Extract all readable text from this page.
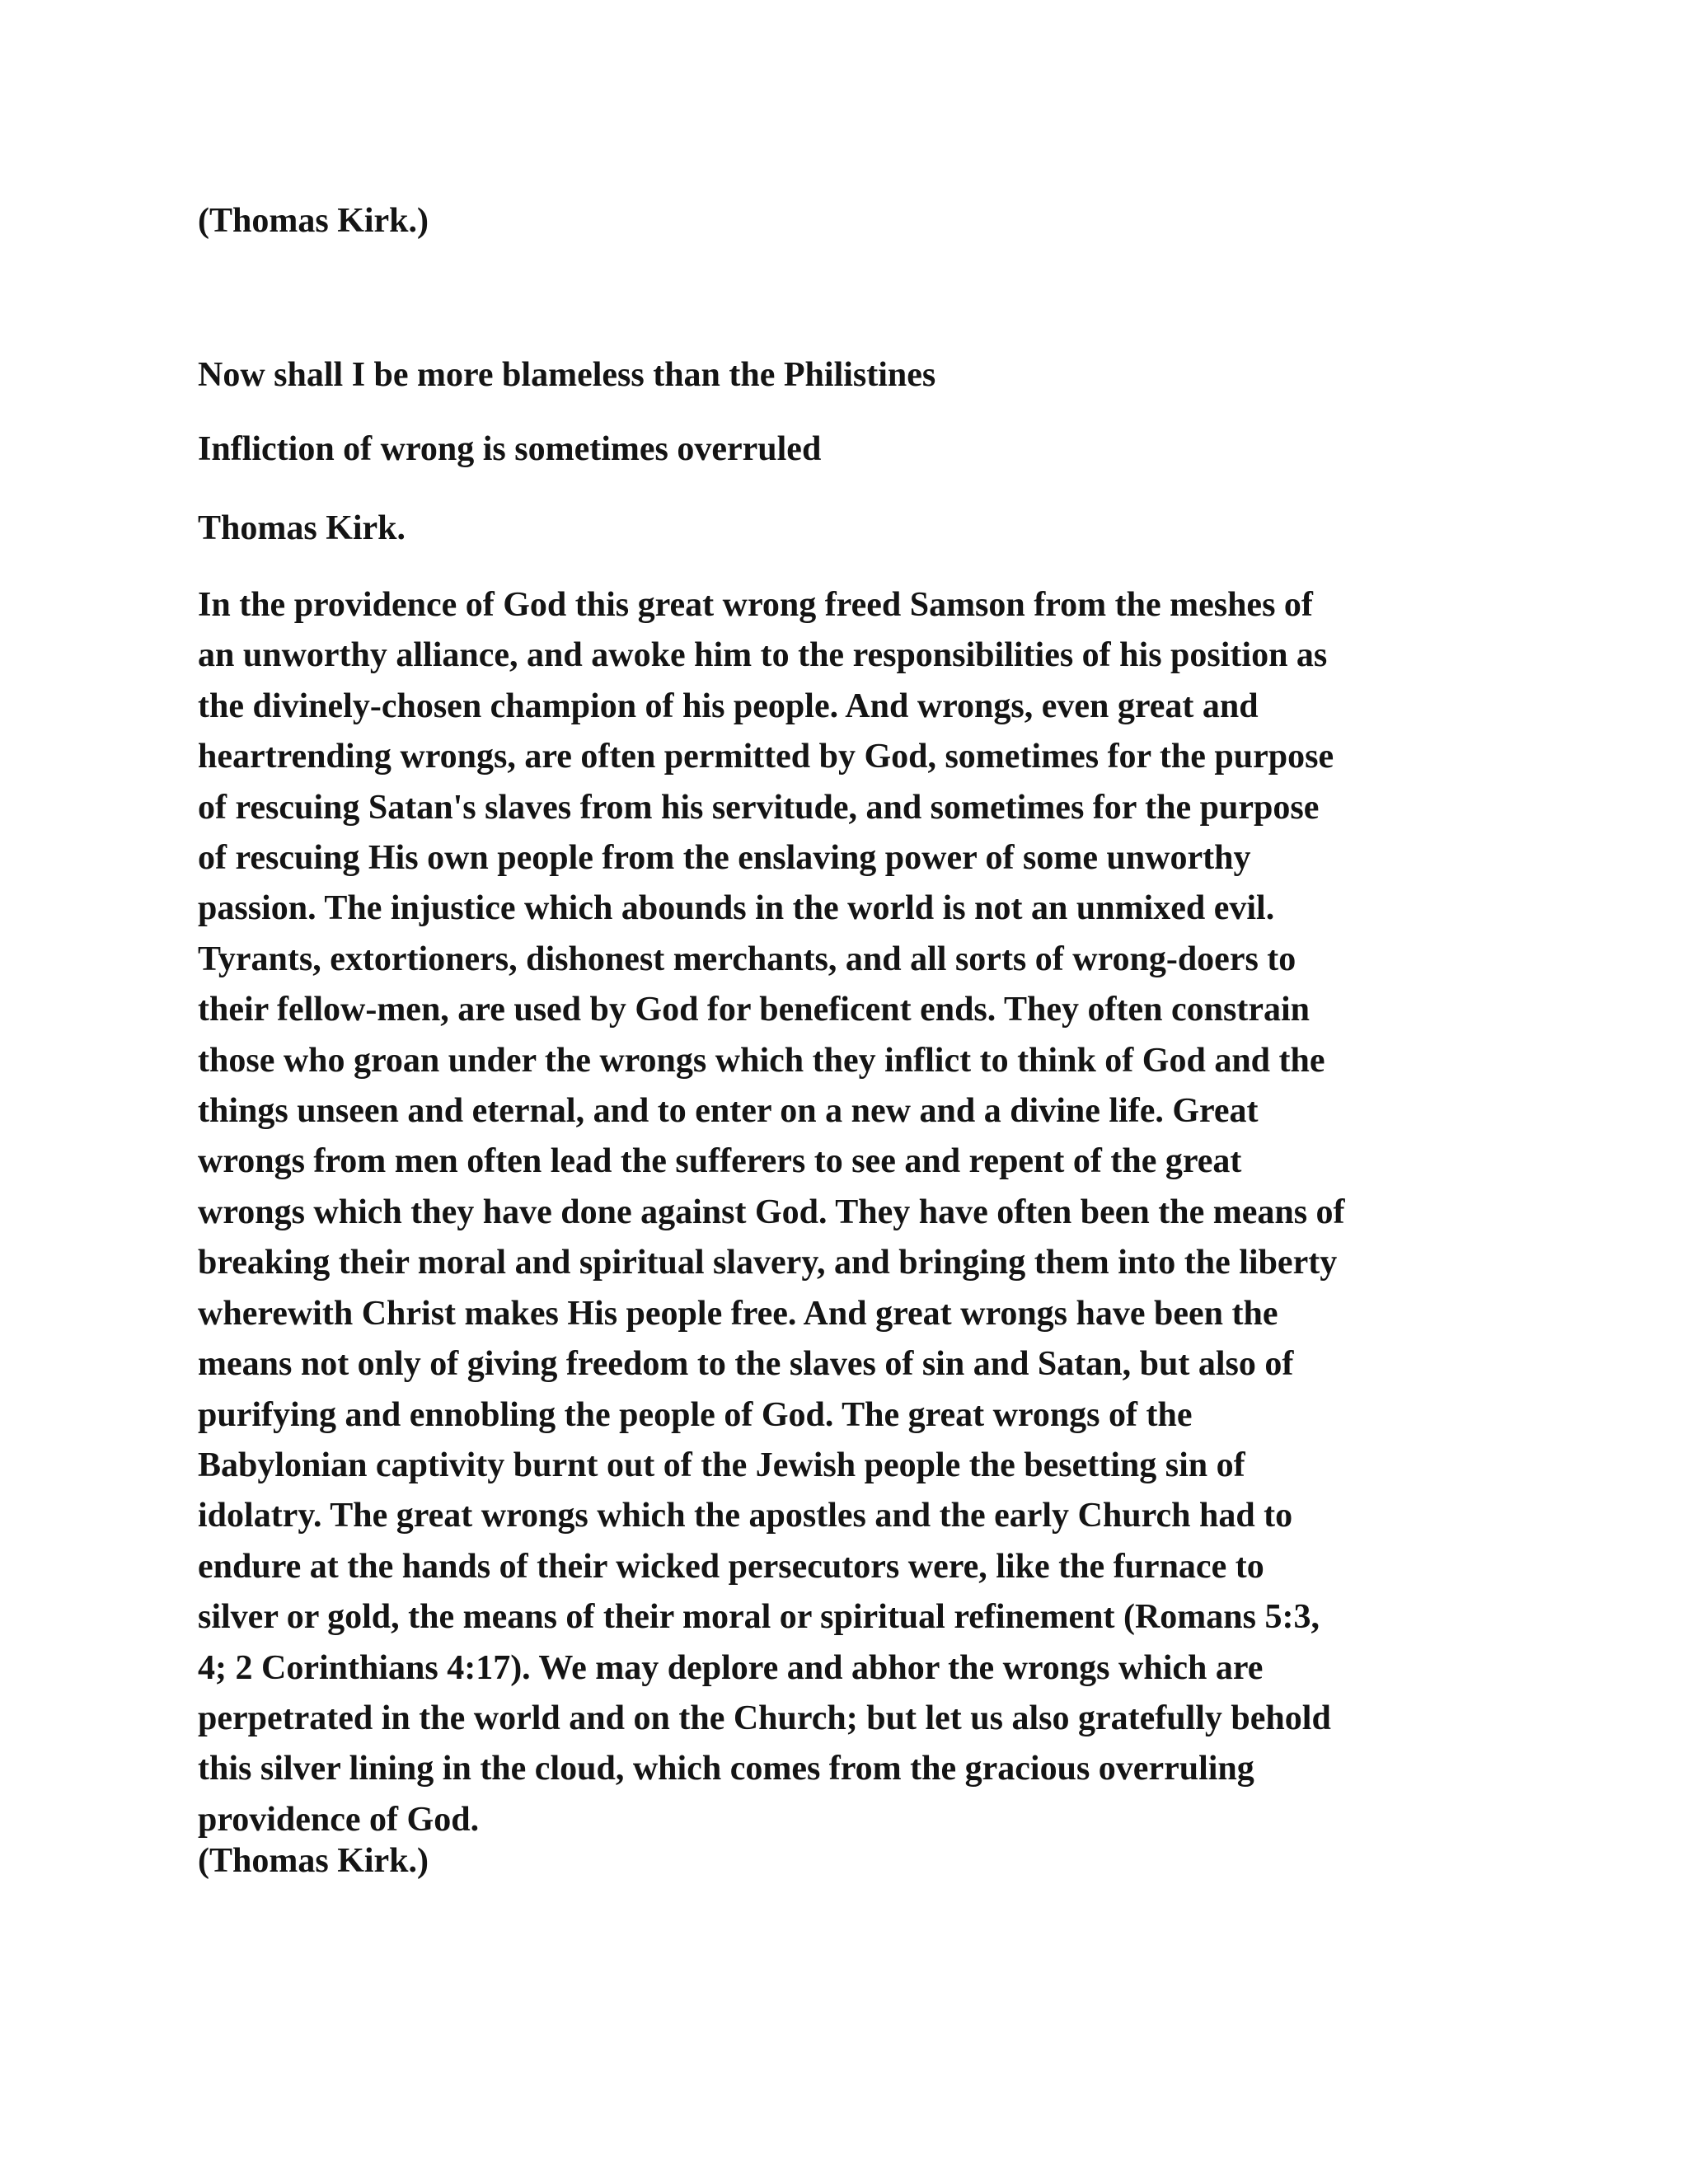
(Thomas Kirk.)
Now shall I be more blameless than the Philistines
Infliction of wrong is sometimes overruled
Thomas Kirk.
In the providence of God this great wrong freed Samson from the meshes of
an unworthy alliance, and awoke him to the responsibilities of his position as
the divinely-chosen champion of his people. And wrongs, even great and
heartrending wrongs, are often permitted by God, sometimes for the purpose
of rescuing Satan's slaves from his servitude, and sometimes for the purpose
of rescuing His own people from the enslaving power of some unworthy
passion. The injustice which abounds in the world is not an unmixed evil.
Tyrants, extortioners, dishonest merchants, and all sorts of wrong-doers to
their fellow-men, are used by God for beneficent ends. They often constrain
those who groan under the wrongs which they inflict to think of God and the
things unseen and eternal, and to enter on a new and a divine life. Great
wrongs from men often lead the sufferers to see and repent of the great
wrongs which they have done against God. They have often been the means of
breaking their moral and spiritual slavery, and bringing them into the liberty
wherewith Christ makes His people free. And great wrongs have been the
means not only of giving freedom to the slaves of sin and Satan, but also of
purifying and ennobling the people of God. The great wrongs of the
Babylonian captivity burnt out of the Jewish people the besetting sin of
idolatry. The great wrongs which the apostles and the early Church had to
endure at the hands of their wicked persecutors were, like the furnace to
silver or gold, the means of their moral or spiritual refinement (Romans 5:3,
4; 2 Corinthians 4:17). We may deplore and abhor the wrongs which are
perpetrated in the world and on the Church; but let us also gratefully behold
this silver lining in the cloud, which comes from the gracious overruling
providence of God.
(Thomas Kirk.)
